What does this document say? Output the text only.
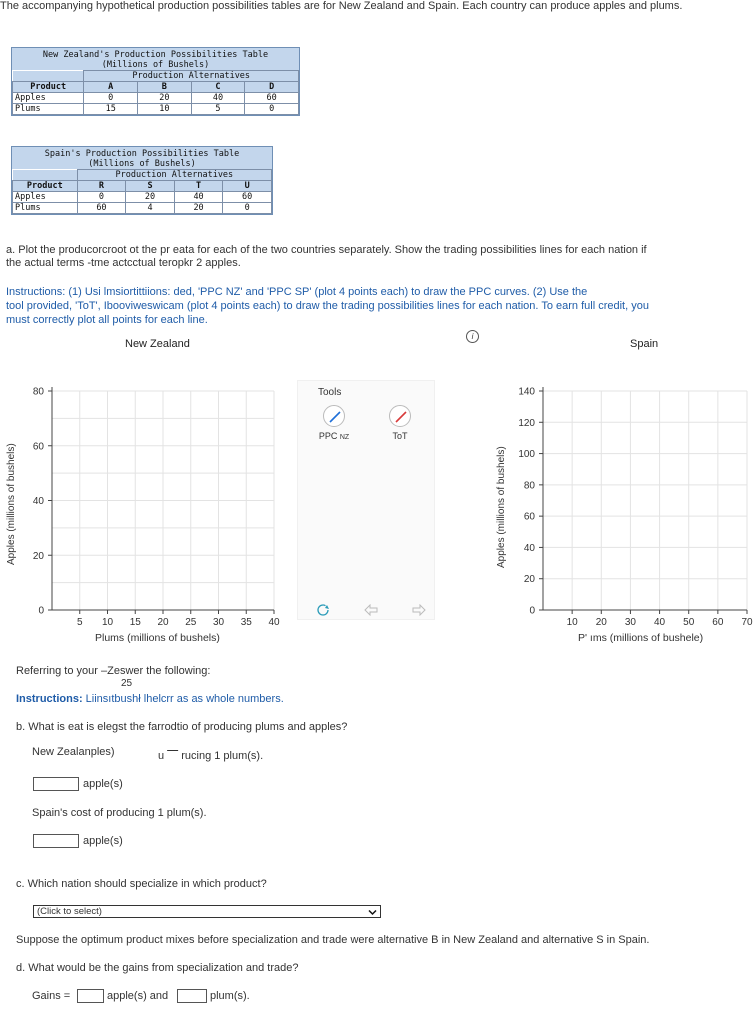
The accompanying hypothetical production possibilities tables are for New Zealand and Spain. Each country can produce apples and plums.
New Zealand's Production Possibilities Table
(Millions of Bushels)
	Production Alternatives			
Product	A	B	C	D
Apples	0	20	40	60
Plums	15	10	5	0
Spain's Production Possibilities Table
(Millions of Bushels)
	Production Alternatives			
Product	R	S	T	U
Apples	0	20	40	60
Plums	60	4	20	0
a. Plot the producorcroot ot the pr eata for each of the two countries separately. Show the trading possibilities lines for each nation if
the actual terms -tme actcctual teropkr 2 apples.
Instructions: (1) Usi lmsiortittiions: ded, 'PPC NZ' and 'PPC SP' (plot 4 points each) to draw the PPC curves. (2) Use the
tool provided, 'ToT', Ibooviweswicam (plot 4 points each) to draw the trading possibilities lines for each nation. To earn full credit, you
must correctly plot all points for each line.
New Zealand	Spain
i
0
20
40
60
80
5 10 15 20 25 30 35 40
Apples (millions of bushels)
Plums (millions of bushels)
Tools
PPC NZ	ToT
0
20
40
60
80
100
120
140
10 20 30 40 50 60 70
Apples (millions of bushels)
P' ıms (millions of bushele)
Referring to your –Zeswer the following:
25
Instructions: Liinsıtbushł lhelcrr as as whole numbers.
b. What is eat is elegst the farrodtio of producing plums and apples?
New Zealanples)	u ⎺ rucing 1 plum(s).
apple(s)
Spain's cost of producing 1 plum(s).
apple(s)
c. Which nation should specialize in which product?
(Click to select)
Suppose the optimum product mixes before specialization and trade were alternative B in New Zealand and alternative S in Spain.
d. What would be the gains from specialization and trade?
Gains =	apple(s) and	plum(s).
